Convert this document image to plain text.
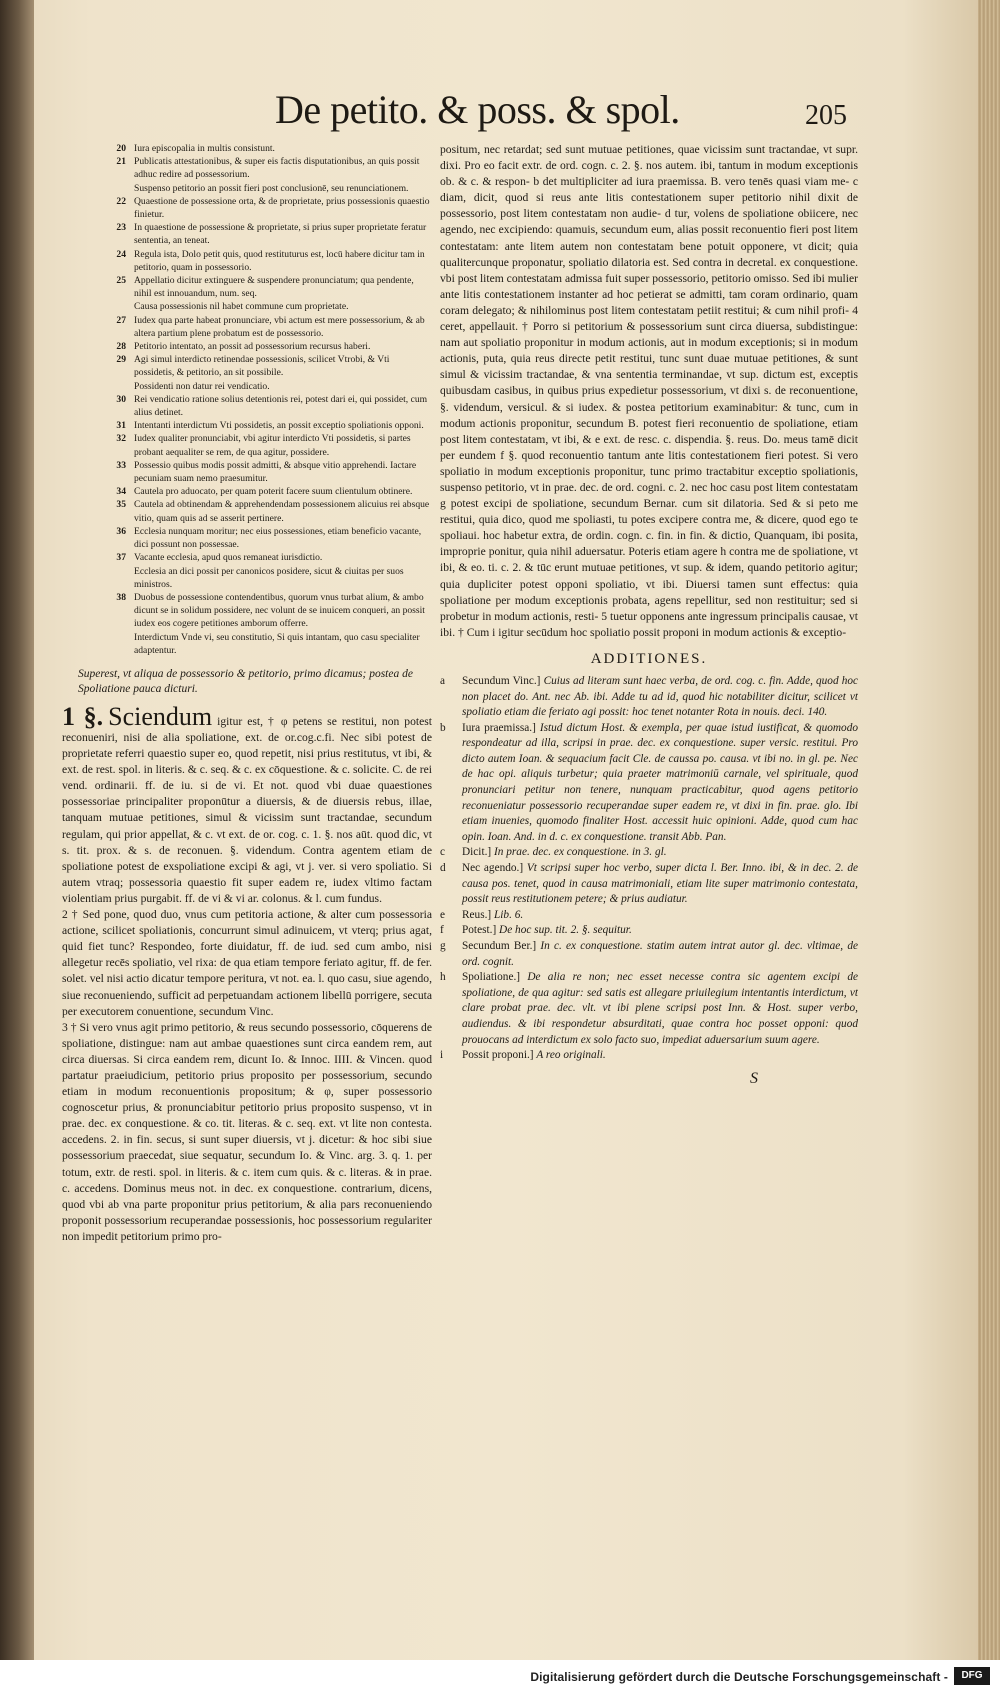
De petito. & poss. & spol.	205
20 Iura episcopalia in multis consistunt.
21 Publicatis attestationibus, & super eis factis disputationibus, an quis possit adhuc redire ad possessorium.
Suspenso petitorio an possit fieri post conclusionē, seu renunciationem.
22 Quaestione de possessione orta, & de proprietate, prius possessionis quaestio finietur.
23 In quaestione de possessione & proprietate, si prius super proprietate feratur sententia, an teneat.
24 Regula ista, Dolo petit quis, quod restituturus est, locū habere dicitur tam in petitorio, quam in possessorio.
25 Appellatio dicitur extinguere & suspendere pronunciatum; qua pendente, nihil est innouandum, num. seq.
Causa possessionis nil habet commune cum proprietate.
27 Iudex qua parte habeat pronunciare, vbi actum est mere possessorium, & ab altera partium plene probatum est de possessorio.
28 Petitorio intentato, an possit ad possessorium recursus haberi.
29 Agi simul interdicto retinendae possessionis, scilicet Vtrobi, & Vti possidetis, & petitorio, an sit possibile.
Possidenti non datur rei vendicatio.
30 Rei vendicatio ratione solius detentionis rei, potest dari ei, qui possidet, cum alius detinet.
31 Intentanti interdictum Vti possidetis, an possit exceptio spoliationis opponi.
32 Iudex qualiter pronunciabit, vbi agitur interdicto Vti possidetis, si partes probant aequaliter se rem, de qua agitur, possidere.
33 Possessio quibus modis possit admitti, & absque vitio apprehendi. Iactare pecuniam suam nemo praesumitur.
34 Cautela pro aduocato, per quam poterit facere suum clientulum obtinere.
35 Cautela ad obtinendam & apprehendendam possessionem alicuius rei absque vitio, quam quis ad se asserit pertinere.
36 Ecclesia nunquam moritur; nec eius possessiones, etiam beneficio vacante, dici possunt non possessae.
37 Vacante ecclesia, apud quos remaneat iurisdictio.
Ecclesia an dici possit per canonicos posidere, sicut & ciuitas per suos ministros.
38 Duobus de possessione contendentibus, quorum vnus turbat alium, & ambo dicunt se in solidum possidere, nec volunt de se inuicem conqueri, an possit iudex eos cogere petitiones amborum offerre.
Interdictum Vnde vi, seu constitutio, Si quis intantam, quo casu specialiter adaptentur.

Superest, vt aliqua de possessorio & petitorio, primo dicamus; postea de Spoliatione pauca dicturi.

1 §. Sciendum igitur est, † φ petens se restitui, non potest reconueniri, nisi de alia spoliatione, ext. de or.cog.c.fi. Nec sibi potest de proprietate referri quaestio super eo, quod repetit, nisi prius restitutus, vt ibi, & ext. de rest. spol. in literis. & c. seq. & c. ex cōquestione. & c. solicite. C. de rei vend. ordinarii. ff. de iu. si de vi. Et not. quod vbi duae quaestiones possessoriae principaliter proponūtur a diuersis, & de diuersis rebus, illae, tanquam mutuae petitiones, simul & vicissim sunt tractandae, secundum regulam, qui prior appellat, & c. vt ext. de or. cog. c. 1. §. nos aūt. quod dic, vt s. tit. prox. & s. de reconuen. §. videndum. Contra agentem etiam de spoliatione potest de exspoliatione excipi & agi, vt j. ver. si vero spoliatio. Si autem vtraq; possessoria quaestio fit super eadem re, iudex vltimo factam violentiam prius purgabit. ff. de vi & vi ar. colonus. & l. cum fundus.

2 † Sed pone, quod duo, vnus cum petitoria actione, & alter cum possessoria actione, scilicet spoliationis, concurrunt simul adinuicem, vt vterq; prius agat, quid fiet tunc? Respondeo, forte diuidatur, ff. de iud. sed cum ambo, nisi allegetur recēs spoliatio, vel rixa: de qua etiam tempore feriato agitur, ff. de fer. solet. vel nisi actio dicatur tempore peritura, vt not. ea. l. quo casu, siue agendo, siue reconueniendo, sufficit ad perpetuandam actionem libellū porrigere, secuta per executorem conuentione, secundum Vinc.

3 † Si vero vnus agit primo petitorio, & reus secundo possessorio, cōquerens de spoliatione, distingue: nam aut ambae quaestiones sunt circa eandem rem, aut circa diuersas. Si circa eandem rem, dicunt Io. & Innoc. IIII. & Vincen. quod partatur praeiudicium, petitorio prius proposito per possessorium, secundo etiam in modum reconuentionis propositum; & φ, super possessorio cognoscetur prius, & pronunciabitur petitorio prius proposito suspenso, vt in prae. dec. ex conquestione. & co. tit. literas. & c. seq. ext. vt lite non contesta. accedens. 2. in fin. secus, si sunt super diuersis, vt j. dicetur: & hoc sibi siue possessorium praecedat, siue sequatur, secundum Io. & Vinc. arg. 3. q. 1. per totum, extr. de resti. spol. in literis. & c. item cum quis. & c. literas. & in prae. c. accedens. Dominus meus not. in dec. ex conquestione. contrarium, dicens, quod vbi ab vna parte proponitur prius petitorium, & alia pars reconueniendo proponit possessorium recuperandae possessionis, hoc possessorium regulariter non impedit petitorium primo pro-

positum, nec retardat; sed sunt mutuae petitiones, quae vicissim sunt tractandae, vt supr. dixi. Pro eo facit extr. de ord. cogn. c. 2. §. nos autem. ibi, tantum in modum exceptionis ob. & c. & respon- b det multipliciter ad iura praemissa. B. vero tenēs quasi viam me- c diam, dicit, quod si reus ante litis contestationem super petitorio nihil dixit de possessorio, post litem contestatam non audie- d tur, volens de spoliatione obiicere, nec agendo, nec excipiendo: quamuis, secundum eum, alias possit reconuentio fieri post litem contestatam: ante litem autem non contestatam bene potuit opponere, vt dicit; quia qualitercunque proponatur, spoliatio dilatoria est. Sed contra in decretal. ex conquestione. vbi post litem contestatam admissa fuit super possessorio, petitorio omisso. Sed ibi mulier ante litis contestationem instanter ad hoc petierat se admitti, tam coram ordinario, quam coram delegato; & nihilominus post litem contestatam petiit restitui; & cum nihil profi- 4 ceret, appellauit. † Porro si petitorium & possessorium sunt circa diuersa, subdistingue: nam aut spoliatio proponitur in modum actionis, aut in modum exceptionis; si in modum actionis, puta, quia reus directe petit restitui, tunc sunt duae mutuae petitiones, & sunt simul & vicissim tractandae, & vna sententia terminandae, vt sup. dictum est, exceptis quibusdam casibus, in quibus prius expedietur possessorium, vt dixi s. de reconuentione, §. videndum, versicul. & si iudex. & postea petitorium examinabitur: & tunc, cum in modum actionis proponitur, secundum B. potest fieri reconuentio de spoliatione, etiam post litem contestatam, vt ibi, & e ext. de resc. c. dispendia. §. reus. Do. meus tamē dicit per eundem f §. quod reconuentio tantum ante litis contestationem fieri potest. Si vero spoliatio in modum exceptionis proponitur, tunc primo tractabitur exceptio spoliationis, suspenso petitorio, vt in prae. dec. de ord. cogni. c. 2. nec hoc casu post litem contestatam g potest excipi de spoliatione, secundum Bernar. cum sit dilatoria. Sed & si peto me restitui, quia dico, quod me spoliasti, tu potes excipere contra me, & dicere, quod ego te spoliaui. hoc habetur extra, de ordin. cogn. c. fin. in fin. & dictio, Quanquam, ibi posita, improprie ponitur, quia nihil aduersatur. Poteris etiam agere h contra me de spoliatione, vt ibi, & eo. ti. c. 2. & tūc erunt mutuae petitiones, vt sup. & idem, quando petitorio agitur; quia dupliciter potest opponi spoliatio, vt ibi. Diuersi tamen sunt effectus: quia spoliatione per modum exceptionis probata, agens repellitur, sed non restituitur; sed si probetur in modum actionis, resti- 5 tuetur opponens ante ingressum principalis causae, vt ibi. † Cum i igitur secūdum hoc spoliatio possit proponi in modum actionis & exceptio-

ADDITIONES.
a Secundum Vinc.] Cuius ad literam sunt haec verba, de ord. cog. c. fin. Adde, quod hoc non placet do. Ant. nec Ab. ibi. Adde tu ad id, quod hic notabiliter dicitur, scilicet vt spoliatio etiam die feriato agi possit: hoc tenet notanter Rota in nouis. deci. 140.
b Iura praemissa.] Istud dictum Host. & exempla, per quae istud iustificat, & quomodo respondeatur ad illa, scripsi in prae. dec. ex conquestione. super versic. restitui. Pro dicto autem Ioan. & sequacium facit Cle. de caussa po. causa. vt ibi no. in gl. pe. Nec de hac opi. aliquis turbetur; quia praeter matrimoniū carnale, vel spirituale, quod pronunciari petitur non tenere, nunquam practicabitur, quod agens petitorio reconueniatur possessorio recuperandae super eadem re, vt dixi in fin. prae. glo. Ibi etiam inuenies, quomodo finaliter Host. accessit huic opinioni. Adde, quod cum hac opin. Ioan. And. in d. c. ex conquestione. transit Abb. Pan.
c Dicit.] In prae. dec. ex conquestione. in 3. gl.
d Nec agendo.] Vt scripsi super hoc verbo, super dicta l. Ber. Inno. ibi, & in dec. 2. de causa pos. tenet, quod in causa matrimoniali, etiam lite super matrimonio contestata, possit reus restitutionem petere; & prius audiatur.
e Reus.] Lib. 6.
f Potest.] De hoc sup. tit. 2. §. sequitur.
g Secundum Ber.] In c. ex conquestione. statim autem intrat autor gl. dec. vltimae, de ord. cognit.
h Spoliatione.] De alia re non; nec esset necesse contra sic agentem excipi de spoliatione, de qua agitur: sed satis est allegare priuilegium intentantis interdictum, vt clare probat prae. dec. vlt. vt ibi plene scripsi post Inn. & Host. super verbo, audiendus. & ibi respondetur absurditati, quae contra hoc posset opponi: quod prouocans ad interdictum ex solo facto suo, impediat aduersarium suum agere.
i Possit proponi.] A reo originali.
S
Digitalisierung gefördert durch die Deutsche Forschungsgemeinschaft -	DFG
